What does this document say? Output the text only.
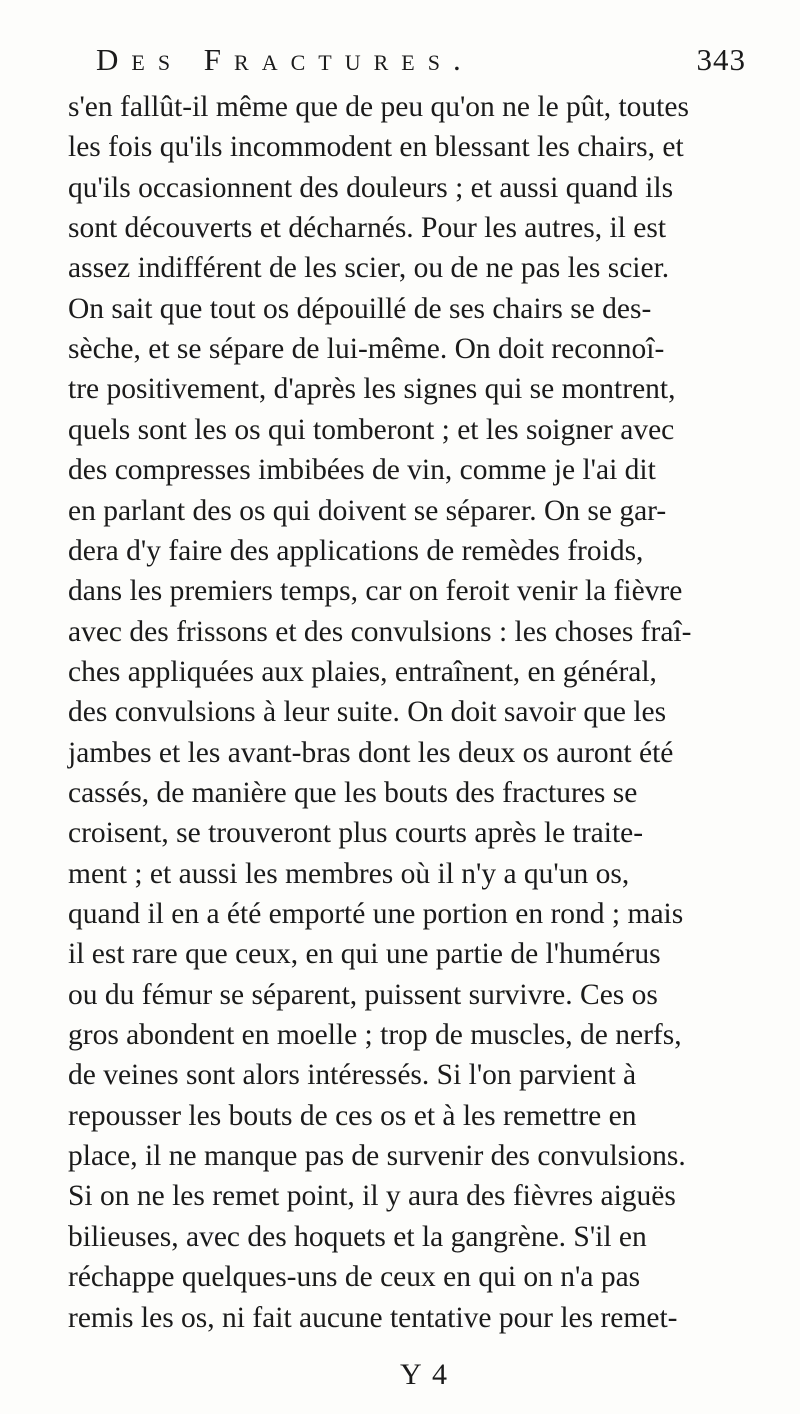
Des Fractures.	343
s'en fallût-il même que de peu qu'on ne le pût, toutes
les fois qu'ils incommodent en blessant les chairs, et
qu'ils occasionnent des douleurs ; et aussi quand ils
sont découverts et décharnés. Pour les autres, il est
assez indifférent de les scier, ou de ne pas les scier.
On sait que tout os dépouillé de ses chairs se des-
sèche, et se sépare de lui-même. On doit reconnoî-
tre positivement, d'après les signes qui se montrent,
quels sont les os qui tomberont ; et les soigner avec
des compresses imbibées de vin, comme je l'ai dit
en parlant des os qui doivent se séparer. On se gar-
dera d'y faire des applications de remèdes froids,
dans les premiers temps, car on feroit venir la fièvre
avec des frissons et des convulsions : les choses fraî-
ches appliquées aux plaies, entraînent, en général,
des convulsions à leur suite. On doit savoir que les
jambes et les avant-bras dont les deux os auront été
cassés, de manière que les bouts des fractures se
croisent, se trouveront plus courts après le traite-
ment ; et aussi les membres où il n'y a qu'un os,
quand il en a été emporté une portion en rond ; mais
il est rare que ceux, en qui une partie de l'humérus
ou du fémur se séparent, puissent survivre. Ces os
gros abondent en moelle ; trop de muscles, de nerfs,
de veines sont alors intéressés. Si l'on parvient à
repousser les bouts de ces os et à les remettre en
place, il ne manque pas de survenir des convulsions.
Si on ne les remet point, il y aura des fièvres aiguës
bilieuses, avec des hoquets et la gangrène. S'il en
réchappe quelques-uns de ceux en qui on n'a pas
remis les os, ni fait aucune tentative pour les remet-
Y 4
